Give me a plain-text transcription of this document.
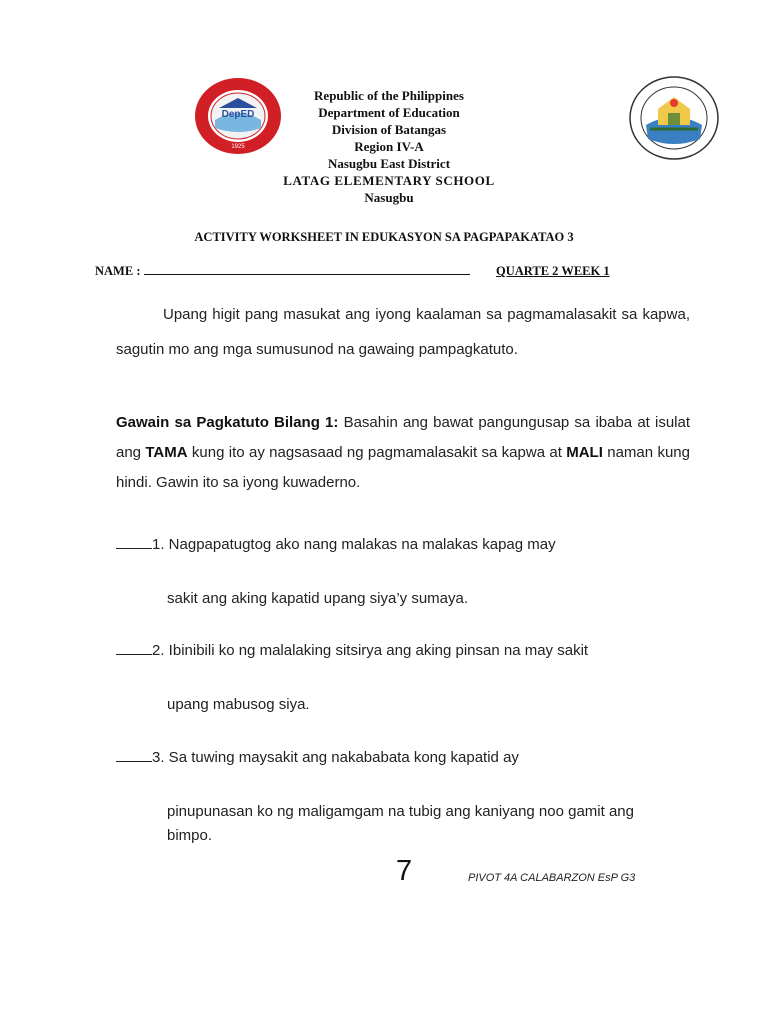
DepED
1925
Republic of the Philippines
Department of Education
Division of Batangas
Region IV-A
Nasugbu East District
LATAG ELEMENTARY SCHOOL
Nasugbu
ACTIVITY WORKSHEET IN EDUKASYON SA PAGPAPAKATAO 3
NAME :	QUARTE 2 WEEK 1
Upang higit pang masukat ang iyong kaalaman sa pagmamalasakit sa kapwa, sagutin mo ang mga sumusunod na gawaing pampagkatuto.
Gawain sa Pagkatuto Bilang 1: Basahin ang bawat pangungusap sa ibaba at isulat ang TAMA kung ito ay nagsasaad ng pagmamalasakit sa kapwa at MALI naman kung hindi. Gawin ito sa iyong kuwaderno.
1. Nagpapatugtog ako nang malakas na malakas kapag may
sakit ang aking kapatid upang siya’y sumaya.
2. Ibinibili ko ng malalaking sitsirya ang aking pinsan na may sakit
upang mabusog siya.
3. Sa tuwing maysakit ang nakababata kong kapatid ay
pinupunasan ko ng maligamgam na tubig ang kaniyang noo gamit ang bimpo.
7	PIVOT 4A CALABARZON EsP G3
